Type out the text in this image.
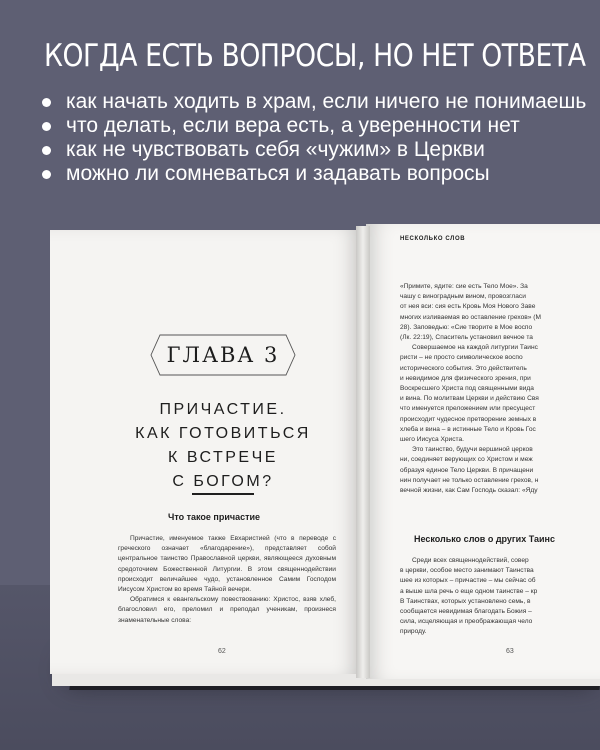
КОГДА ЕСТЬ ВОПРОСЫ, НО НЕТ ОТВЕТА
как начать ходить в храм, если ничего не понимаешь
что делать, если вера есть, а уверенности нет
как не чувствовать себя «чужим» в Церкви
можно ли сомневаться и задавать вопросы
ГЛАВА 3
ПРИЧАСТИЕ.
КАК ГОТОВИТЬСЯ
К ВСТРЕЧЕ
С БОГОМ?
Что такое причастие

Причастие, именуемое также Евхаристией (что в переводе с греческого означает «благодарение»), представляет собой центральное таинство Православной церкви, являющееся духовным средоточием Божественной Литургии. В этом священнодействии происходит величайшее чудо, установленное Самим Господом Иисусом Христом во время Тайной вечери.

Обратимся к евангельскому повествованию: Христос, взяв хлеб, благословил его, преломил и преподал ученикам, произнеся знаменательные слова:

62
НЕСКОЛЬКО СЛОВ

«Примите, ядите: сие есть Тело Мое». За

чашу с виноградным вином, провозгласи

от нея вси: сия есть Кровь Моя Нового Заве

многих изливаемая во оставление грехов» (М

28). Заповедью: «Сие творите в Мое воспо

(Лк. 22:19), Спаситель установил вечное та

Совершаемое на каждой литургии Таинс

ристи – не просто символическое воспо

исторического события. Это действитель

и невидимое для физического зрения, при

Воскресшего Христа под священными вида

и вина. По молитвам Церкви и действию Свя

что именуется преложением или пресущест

происходит чудесное претворение земных в

хлеба и вина – в истинные Тело и Кровь Гос

шего Иисуса Христа.

Это таинство, будучи вершиной церков

ни, соединяет верующих со Христом и меж

образуя единое Тело Церкви. В причащени

нин получает не только оставление грехов, н

вечной жизни, как Сам Господь сказал: «Яду

Несколько слов о других Таинс

Среди всех священнодействий, совер

в церкви, особое место занимают Таинства

шее из которых – причастие – мы сейчас об

а выше шла речь о еще одном таинстве – кр

В Таинствах, которых установлено семь, в

сообщается невидимая благодать Божия –

сила, исцеляющая и преображающая чело

природу.

63
